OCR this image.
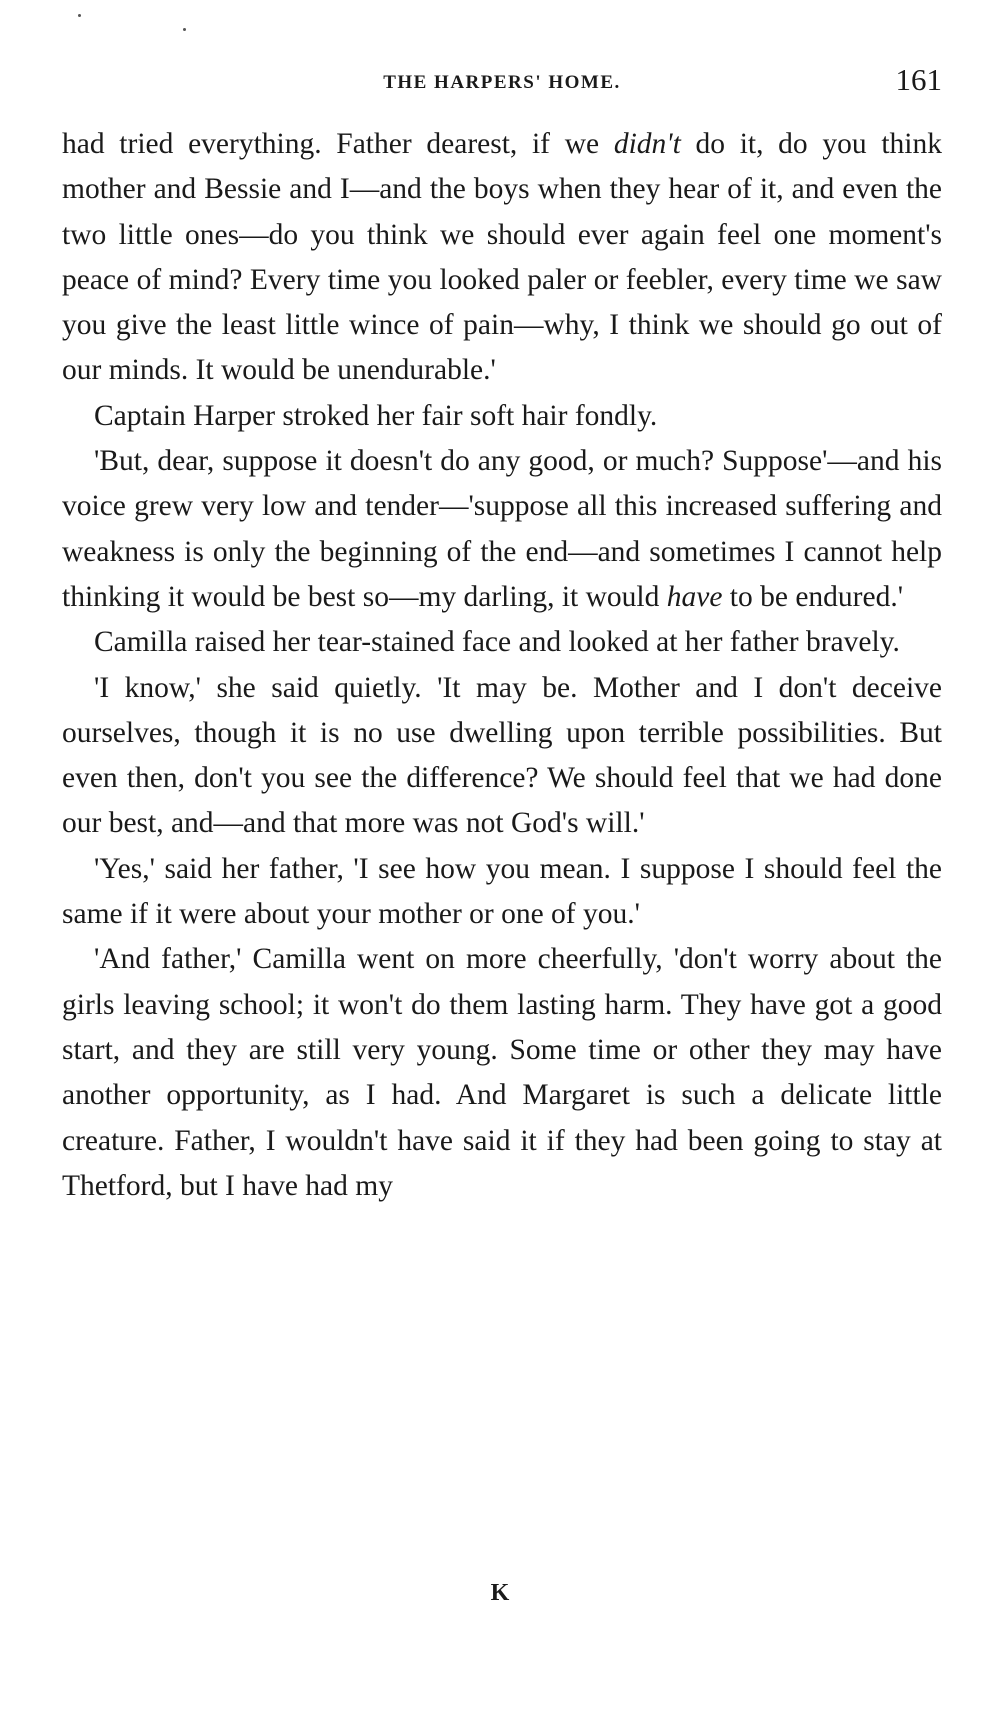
THE HARPERS' HOME.	161

had tried everything. Father dearest, if we didn't do it, do you think mother and Bessie and I—and the boys when they hear of it, and even the two little ones—do you think we should ever again feel one moment's peace of mind? Every time you looked paler or feebler, every time we saw you give the least little wince of pain—why, I think we should go out of our minds. It would be unendurable.'

Captain Harper stroked her fair soft hair fondly.

'But, dear, suppose it doesn't do any good, or much? Suppose'—and his voice grew very low and tender—'suppose all this increased suffering and weakness is only the beginning of the end—and sometimes I cannot help thinking it would be best so—my darling, it would have to be endured.'

Camilla raised her tear-stained face and looked at her father bravely.

'I know,' she said quietly. 'It may be. Mother and I don't deceive ourselves, though it is no use dwelling upon terrible possibilities. But even then, don't you see the difference? We should feel that we had done our best, and—and that more was not God's will.'

'Yes,' said her father, 'I see how you mean. I suppose I should feel the same if it were about your mother or one of you.'

'And father,' Camilla went on more cheerfully, 'don't worry about the girls leaving school; it won't do them lasting harm. They have got a good start, and they are still very young. Some time or other they may have another opportunity, as I had. And Margaret is such a delicate little creature. Father, I wouldn't have said it if they had been going to stay at Thetford, but I have had my

K
